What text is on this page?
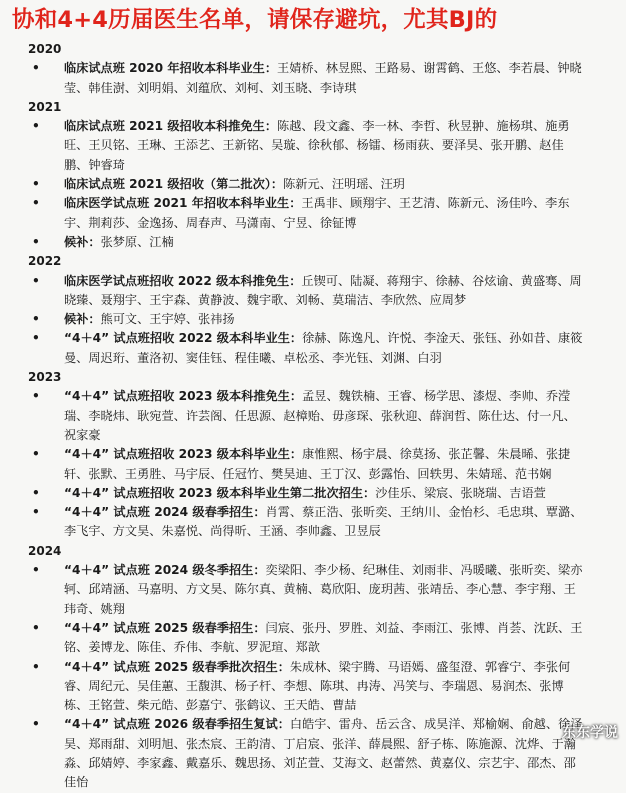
协和4+4历届医生名单，请保存避坑，尤其BJ的
2020
• 临床试点班 2020 年招收本科毕业生：王婧桥、林昱熙、王路易、谢霄鹤、王悠、李若晨、钟晓莹、韩佳澍、刘明娟、刘蕴欣、刘柯、刘玉晓、李诗琪
2021
• 临床试点班 2021 级招收本科推免生：陈越、段文鑫、李一林、李哲、秋昱翀、施杨琪、施勇旺、王贝铭、王琳、王添艺、王新铭、吴璇、徐秋郁、杨镭、杨雨荻、要泽昊、张开鹏、赵佳鹏、钟睿琦
• 临床试点班 2021 级招收（第二批次）：陈新元、汪明瑶、汪玥
• 临床医学试点班 2021 年招收本科毕业生：王禹非、顾翔宇、王艺清、陈新元、汤佳吟、李东宇、荆莉莎、金逸扬、周春声、马潇南、宁昱、徐钲博
• 候补：张梦原、江楠
2022
• 临床医学试点班招收 2022 级本科推免生：丘锲可、陆凝、蒋翔宇、徐赫、谷炫谕、黄盛骞、周晓臻、聂翔宇、王宇森、黄静波、魏宇歌、刘畅、莫瑞洁、李欣然、应周梦
• 候补：熊可文、王宇婷、张祎扬
• “4＋4” 试点班招收 2022 级本科毕业生：徐赫、陈逸凡、许悦、李淦天、张钰、孙如昔、康筱曼、周迟珩、董洛初、窦佳钰、程佳曦、卓松丞、李光钰、刘渊、白羽
2023
• “4＋4” 试点班招收 2023 级本科推免生：孟昱、魏铁楠、王睿、杨学思、漆煜、李帅、乔滢瑞、李晓炜、耿宛萱、许芸阁、任思源、赵樟贻、毋彦琛、张秋迎、薛润哲、陈仕达、付一凡、祝家豪
• “4＋4” 试点班招收 2023 级本科毕业生：康惟熙、杨宇晨、徐莫扬、张芷馨、朱晨晞、张捷轩、张默、王勇胜、马宇辰、任冠竹、樊昊迪、王丁汉、彭露怡、回轶男、朱婧瑶、范书娴
• “4＋4” 试点班招收 2023 级本科毕业生第二批次招生：沙佳乐、梁宸、张晓瑞、吉语萱
• “4＋4” 试点班 2024 级春季招生：肖霄、蔡正浩、张昕奕、王纳川、金怡杉、毛忠琪、覃潞、李飞宇、方文昊、朱嘉悦、尚得昕、王涵、李帅鑫、卫昱辰
2024
• “4＋4” 试点班 2024 级冬季招生：奕梁阳、李少杨、纪琳佳、刘雨非、冯暖曦、张昕奕、梁亦轲、邱靖涵、马嘉明、方文昊、陈尔真、黄楠、葛欣阳、庞玥茜、张靖岳、李心慧、李宇翔、王玮奇、姚翔
• “4＋4” 试点班 2025 级春季招生：闫宸、张丹、罗胜、刘益、李雨江、张博、肖荟、沈跃、王铭、姜博龙、陈佳、乔伟、李航、罗泥瑄、郑歆
• “4＋4” 试点班 2025 级春季批次招生：朱成林、梁宇腾、马语嫣、盛玺澄、郭睿宁、李张何睿、周纪元、吴佳蕙、王馥淇、杨子杆、李想、陈琪、冉涛、冯笑与、李瑞恩、易润杰、张博栋、王铭萱、柴元皓、彭嘉宁、张鹤议、王天皓、曹喆
• “4＋4” 试点班 2026 级春季招生复试：白皓宇、雷舟、岳云含、成昊洋、郑榆娴、俞越、徐泽昊、郑雨甜、刘明旭、张杰宸、王韵清、丁启宸、张洋、薛晨熙、舒子栋、陈施源、沈烨、于瀚淼、邱婧婷、李家鑫、戴嘉乐、魏思扬、刘芷萱、艾海文、赵蕾然、黄嘉仪、宗艺宇、邵杰、邵佳怡
东东学说
